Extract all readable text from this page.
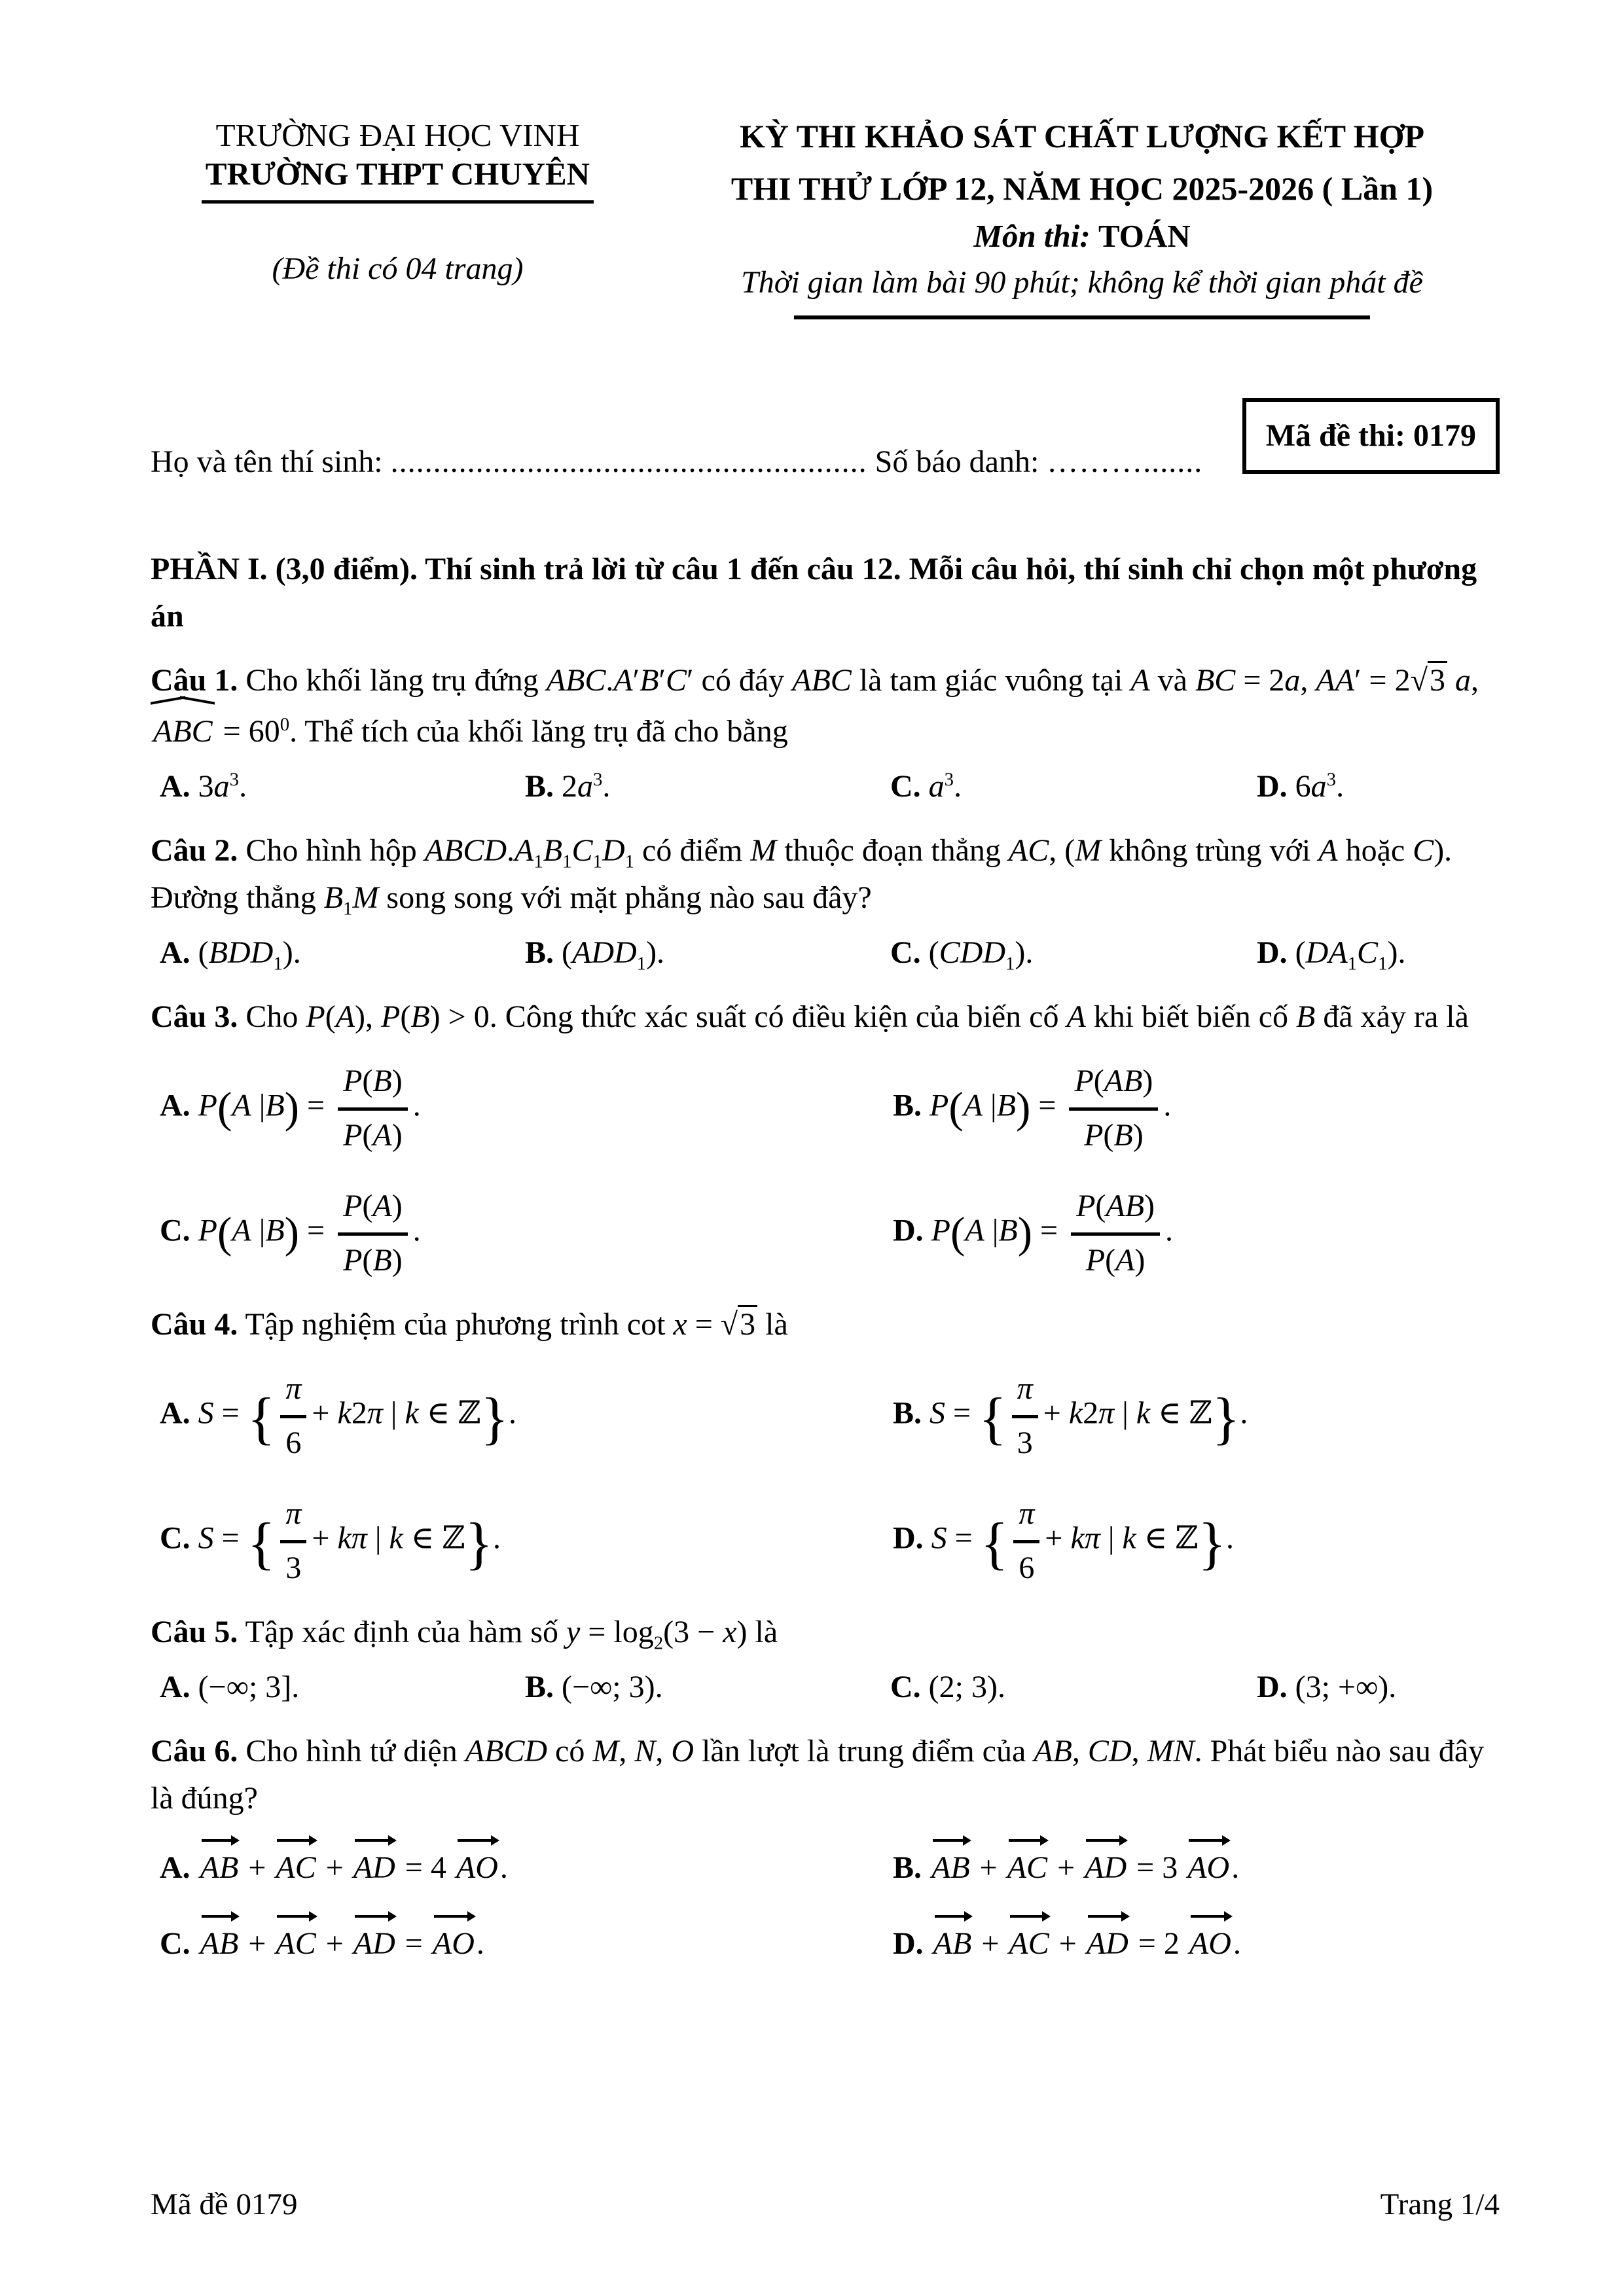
TRƯỜNG ĐẠI HỌC VINH
TRƯỜNG THPT CHUYÊN
(Đề thi có 04 trang)
KỲ THI KHẢO SÁT CHẤT LƯỢNG KẾT HỢP
THI THỬ LỚP 12, NĂM HỌC 2025-2026 ( Lần 1)
Môn thi: TOÁN
Thời gian làm bài 90 phút; không kể thời gian phát đề
Họ và tên thí sinh: ........................................................ Số báo danh: ……….......
Mã đề thi: 0179
PHẦN I. (3,0 điểm). Thí sinh trả lời từ câu 1 đến câu 12. Mỗi câu hỏi, thí sinh chỉ chọn một phương án
Câu 1. Cho khối lăng trụ đứng ABC.A′B′C′ có đáy ABC là tam giác vuông tại A và BC = 2a, AA′ = 2√3 a, ABC = $60^0$. Thể tích của khối lăng trụ đã cho bằng
A. $3a^3$.	B. $2a^3$.	C. $a^3$.	D. $6a^3$.
Câu 2. Cho hình hộp $ABCD.A_1B_1C_1D_1$ có điểm M thuộc đoạn thẳng AC, (M không trùng với A hoặc C). Đường thẳng $B_1M$ song song với mặt phẳng nào sau đây?
A. $(BDD_1)$.	B. $(ADD_1)$.	C. $(CDD_1)$.	D. $(DA_1C_1)$.
Câu 3. Cho P(A), P(B) > 0. Công thức xác suất có điều kiện của biến cố A khi biết biến cố B đã xảy ra là
A. P(A $|B) = \frac{P(B)}{P(A)}$ .	B. P(A $|B) = \frac{P(AB)}{P(B)}$ .
C. P(A $|B) = \frac{P(A)}{P(B)}$ .	D. P(A $|B) = \frac{P(AB)}{P(A)}$ .
Câu 4. Tập nghiệm của phương trình cot x = √3 là
A. S = { $\frac{\pi}{6} + k2\pi$ | k ∈ ℤ}.	B. S = { $\frac{\pi}{3} + k2\pi$ | k ∈ ℤ}.
C. S = { $\frac{\pi}{3} + k\pi$ | k ∈ ℤ}.	D. S = { $\frac{\pi}{6} + k\pi$ | k ∈ ℤ}.
Câu 5. Tập xác định của hàm số $y = \log_2(3 - x)$ là
A. (−∞; 3].	B. (−∞; 3).	C. (2; 3).	D. (3; +∞).
Câu 6. Cho hình tứ diện ABCD có M, N, O lần lượt là trung điểm của AB, CD, MN. Phát biểu nào sau đây là đúng?
A. AB + AC + AD = 4 AO.	B. AB + AC + AD = 3 AO.
C. AB + AC + AD = AO.	D. AB + AC + AD = 2 AO.
Mã đề 0179	Trang 1/4
